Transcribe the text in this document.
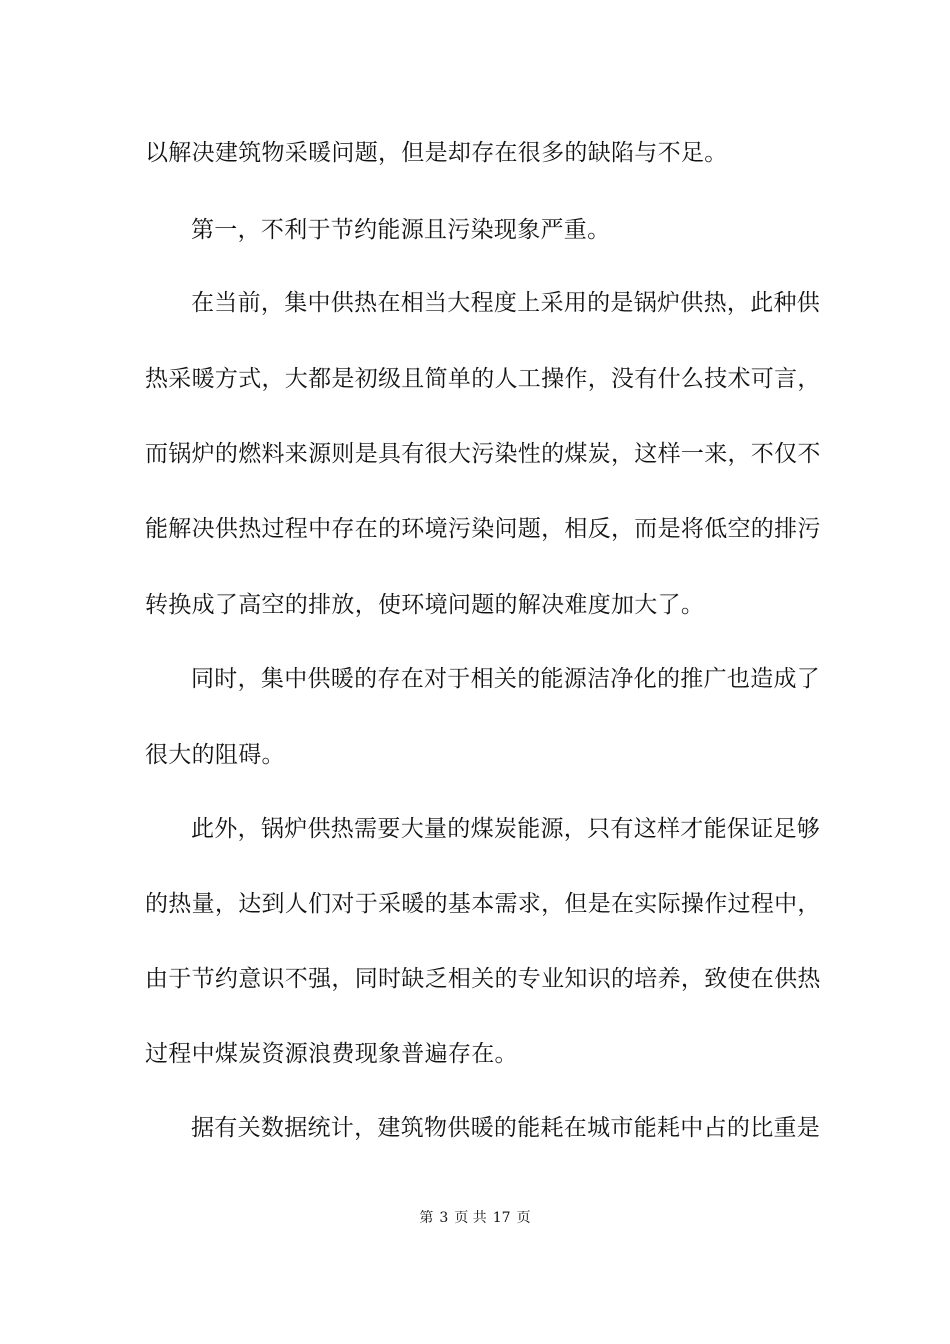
以解决建筑物采暖问题，但是却存在很多的缺陷与不足。
第一，不利于节约能源且污染现象严重。
在当前，集中供热在相当大程度上采用的是锅炉供热，此种供
热采暖方式，大都是初级且简单的人工操作，没有什么技术可言，
而锅炉的燃料来源则是具有很大污染性的煤炭，这样一来，不仅不
能解决供热过程中存在的环境污染问题，相反，而是将低空的排污
转换成了高空的排放，使环境问题的解决难度加大了。
同时，集中供暖的存在对于相关的能源洁净化的推广也造成了
很大的阻碍。
此外，锅炉供热需要大量的煤炭能源，只有这样才能保证足够
的热量，达到人们对于采暖的基本需求，但是在实际操作过程中，
由于节约意识不强，同时缺乏相关的专业知识的培养，致使在供热
过程中煤炭资源浪费现象普遍存在。
据有关数据统计，建筑物供暖的能耗在城市能耗中占的比重是
第 3 页 共 17 页
